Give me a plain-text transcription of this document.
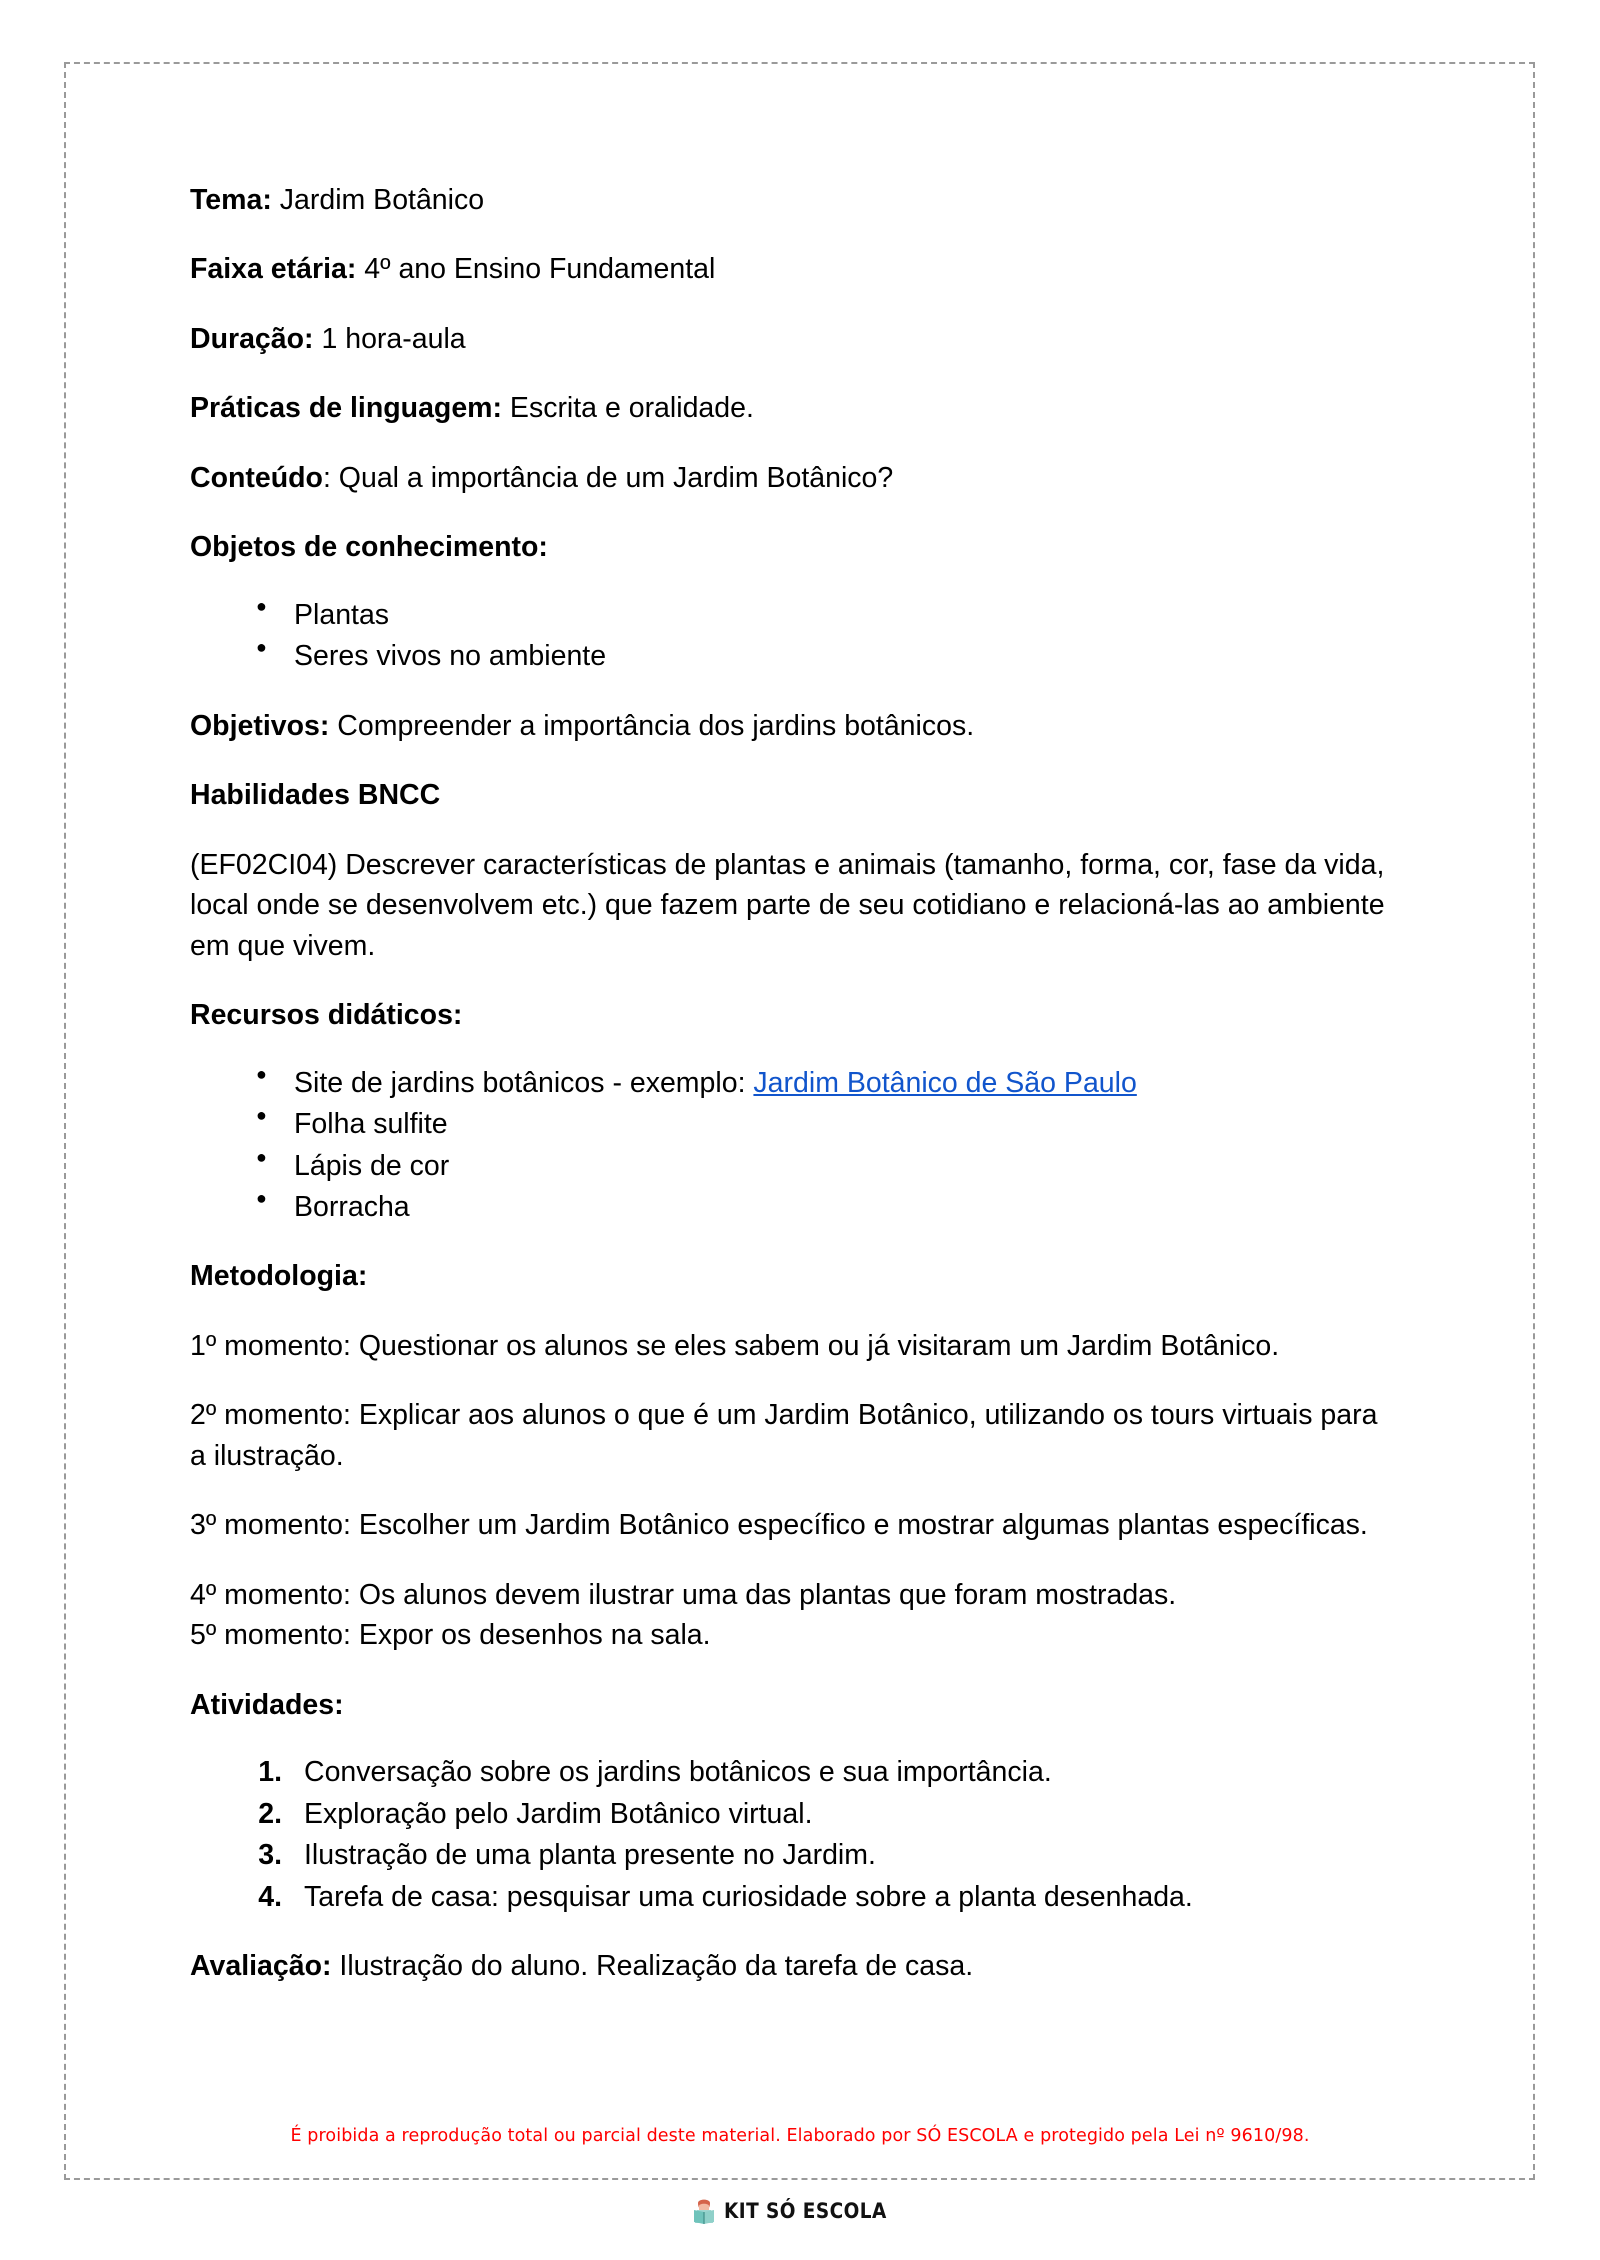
Tema: Jardim Botânico

Faixa etária: 4º ano Ensino Fundamental

Duração: 1 hora-aula

Práticas de linguagem: Escrita e oralidade.

Conteúdo: Qual a importância de um Jardim Botânico?

Objetos de conhecimento:

● Plantas
● Seres vivos no ambiente

Objetivos: Compreender a importância dos jardins botânicos.

Habilidades BNCC

(EF02CI04) Descrever características de plantas e animais (tamanho, forma, cor, fase da vida, local onde se desenvolvem etc.) que fazem parte de seu cotidiano e relacioná-las ao ambiente em que vivem.

Recursos didáticos:

● Site de jardins botânicos - exemplo: Jardim Botânico de São Paulo
● Folha sulfite
● Lápis de cor
● Borracha

Metodologia:

1º momento: Questionar os alunos se eles sabem ou já visitaram um Jardim Botânico.

2º momento: Explicar aos alunos o que é um Jardim Botânico, utilizando os tours virtuais para a ilustração.

3º momento: Escolher um Jardim Botânico específico e mostrar algumas plantas específicas.

4º momento: Os alunos devem ilustrar uma das plantas que foram mostradas.

5º momento: Expor os desenhos na sala.

Atividades:

Conversação sobre os jardins botânicos e sua importância.
Exploração pelo Jardim Botânico virtual.
Ilustração de uma planta presente no Jardim.
Tarefa de casa: pesquisar uma curiosidade sobre a planta desenhada.

Avaliação: Ilustração do aluno. Realização da tarefa de casa.

É proibida a reprodução total ou parcial deste material. Elaborado por SÓ ESCOLA e protegido pela Lei nº 9610/98.
KIT SÓ ESCOLA
